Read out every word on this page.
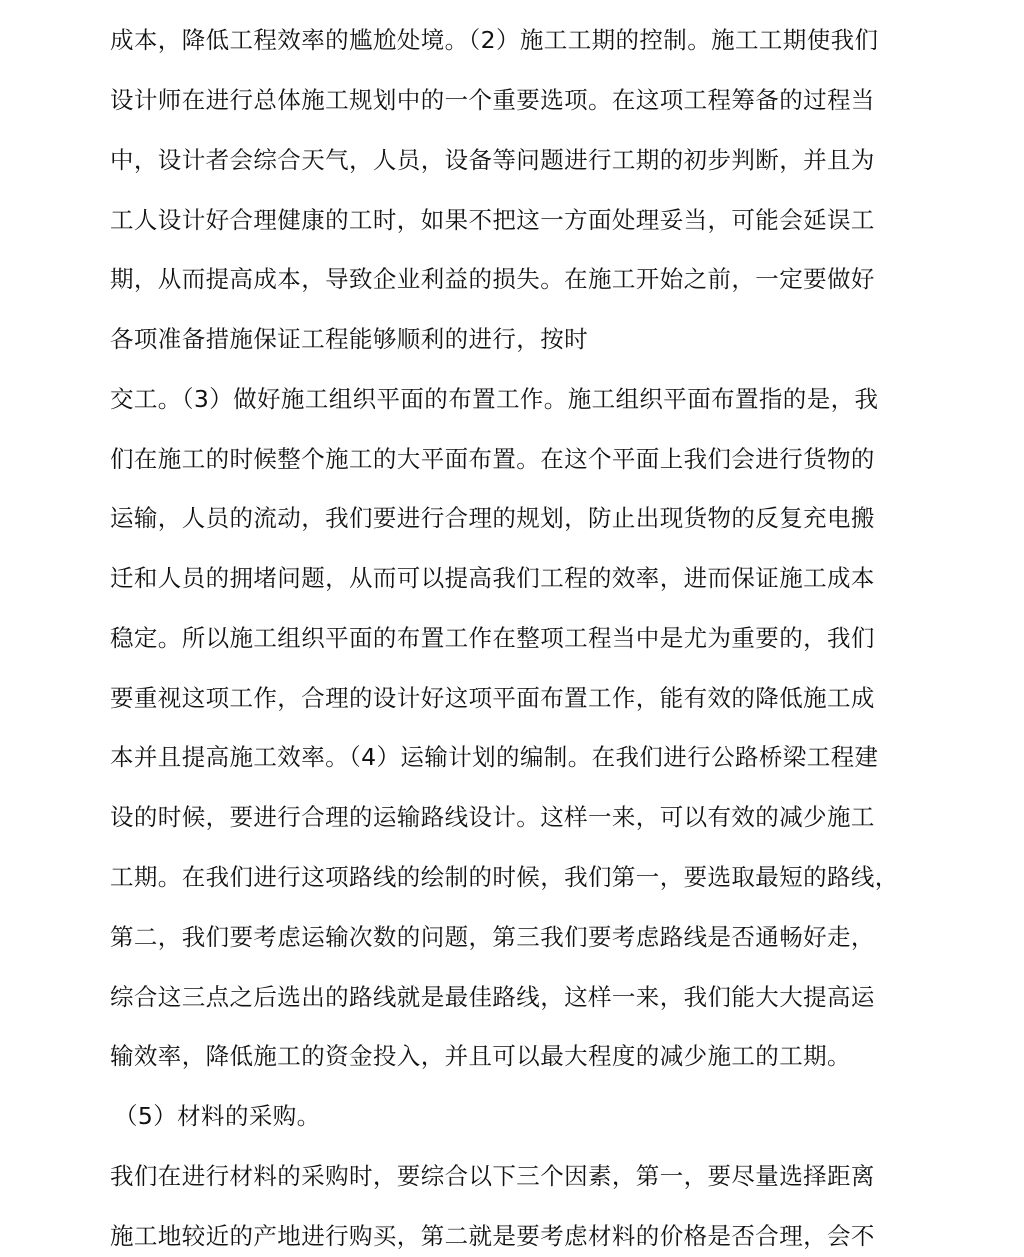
成本，降低工程效率的尴尬处境。（2）施工工期的控制。施工工期使我们
设计师在进行总体施工规划中的一个重要选项。在这项工程筹备的过程当
中，设计者会综合天气，人员，设备等问题进行工期的初步判断，并且为
工人设计好合理健康的工时，如果不把这一方面处理妥当，可能会延误工
期，从而提高成本，导致企业利益的损失。在施工开始之前，一定要做好
各项准备措施保证工程能够顺利的进行，按时
交工。（3）做好施工组织平面的布置工作。施工组织平面布置指的是，我
们在施工的时候整个施工的大平面布置。在这个平面上我们会进行货物的
运输，人员的流动，我们要进行合理的规划，防止出现货物的反复充电搬
迁和人员的拥堵问题，从而可以提高我们工程的效率，进而保证施工成本
稳定。所以施工组织平面的布置工作在整项工程当中是尤为重要的，我们
要重视这项工作，合理的设计好这项平面布置工作，能有效的降低施工成
本并且提高施工效率。（4）运输计划的编制。在我们进行公路桥梁工程建
设的时候，要进行合理的运输路线设计。这样一来，可以有效的减少施工
工期。在我们进行这项路线的绘制的时候，我们第一，要选取最短的路线，
第二，我们要考虑运输次数的问题，第三我们要考虑路线是否通畅好走，
综合这三点之后选出的路线就是最佳路线，这样一来，我们能大大提高运
输效率，降低施工的资金投入，并且可以最大程度的减少施工的工期。
（5）材料的采购。
我们在进行材料的采购时，要综合以下三个因素，第一，要尽量选择距离
施工地较近的产地进行购买，第二就是要考虑材料的价格是否合理，会不
